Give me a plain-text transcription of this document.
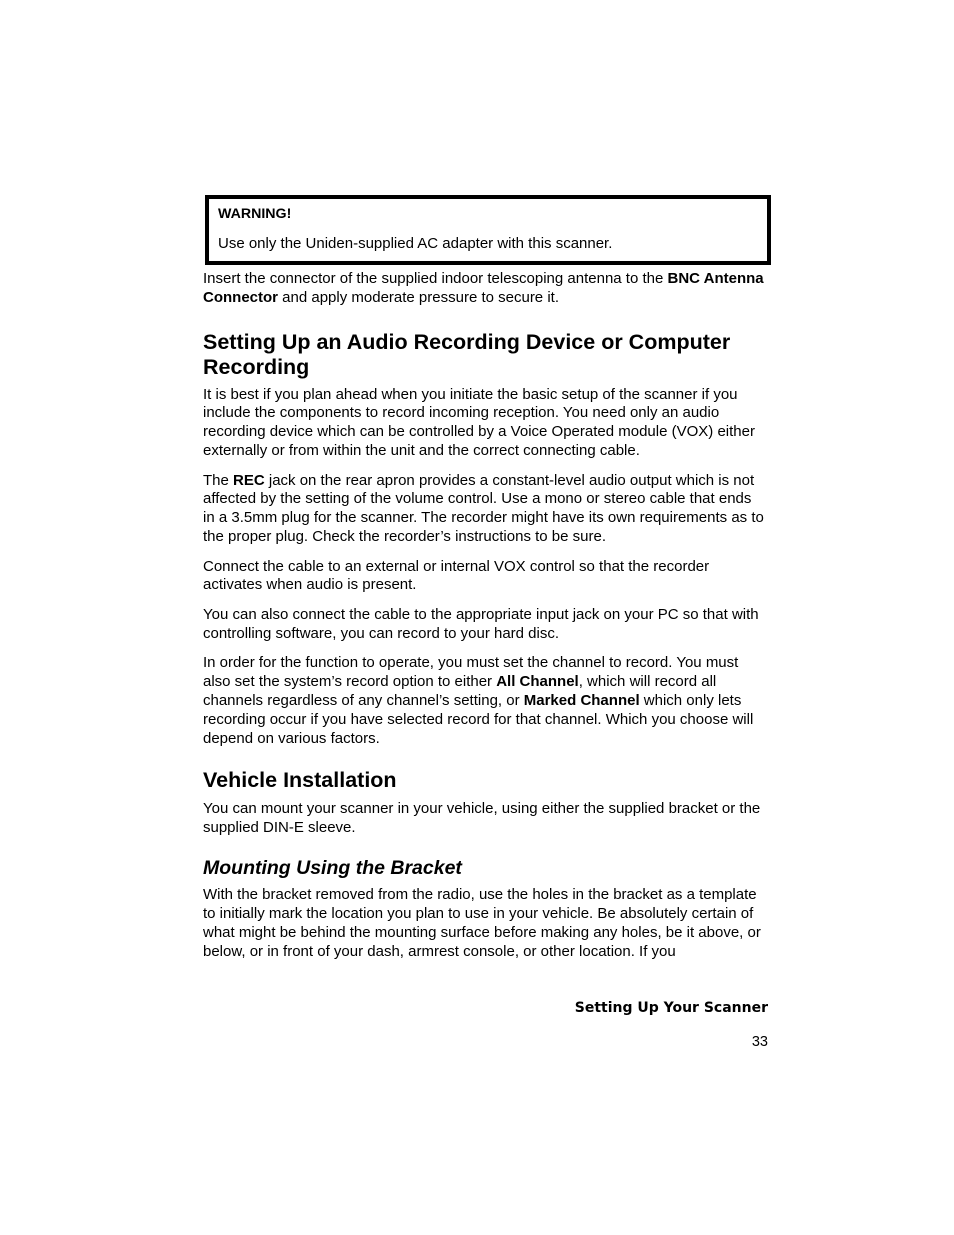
WARNING!
Use only the Uniden-supplied AC adapter with this scanner.

Insert the connector of the supplied indoor telescoping antenna to the BNC Antenna Connector and apply moderate pressure to secure it.

Setting Up an Audio Recording Device or Computer Recording

It is best if you plan ahead when you initiate the basic setup of the scanner if you include the components to record incoming reception. You need only an audio recording device which can be controlled by a Voice Operated module (VOX) either externally or from within the unit and the correct connecting cable.

The REC jack on the rear apron provides a constant-level audio output which is not affected by the setting of the volume control. Use a mono or stereo cable that ends in a 3.5mm plug for the scanner. The recorder might have its own requirements as to the proper plug. Check the recorder’s instructions to be sure.

Connect the cable to an external or internal VOX control so that the recorder activates when audio is present.

You can also connect the cable to the appropriate input jack on your PC so that with controlling software, you can record to your hard disc.

In order for the function to operate, you must set the channel to record. You must also set the system’s record option to either All Channel, which will record all channels regardless of any channel’s setting, or Marked Channel which only lets recording occur if you have selected record for that channel. Which you choose will depend on various factors.

Vehicle Installation

You can mount your scanner in your vehicle, using either the supplied bracket or the supplied DIN-E sleeve.

Mounting Using the Bracket

With the bracket removed from the radio, use the holes in the bracket as a template to initially mark the location you plan to use in your vehicle. Be absolutely certain of what might be behind the mounting surface before making any holes, be it above, or below, or in front of your dash, armrest console, or other location. If you

Setting Up Your Scanner
33
